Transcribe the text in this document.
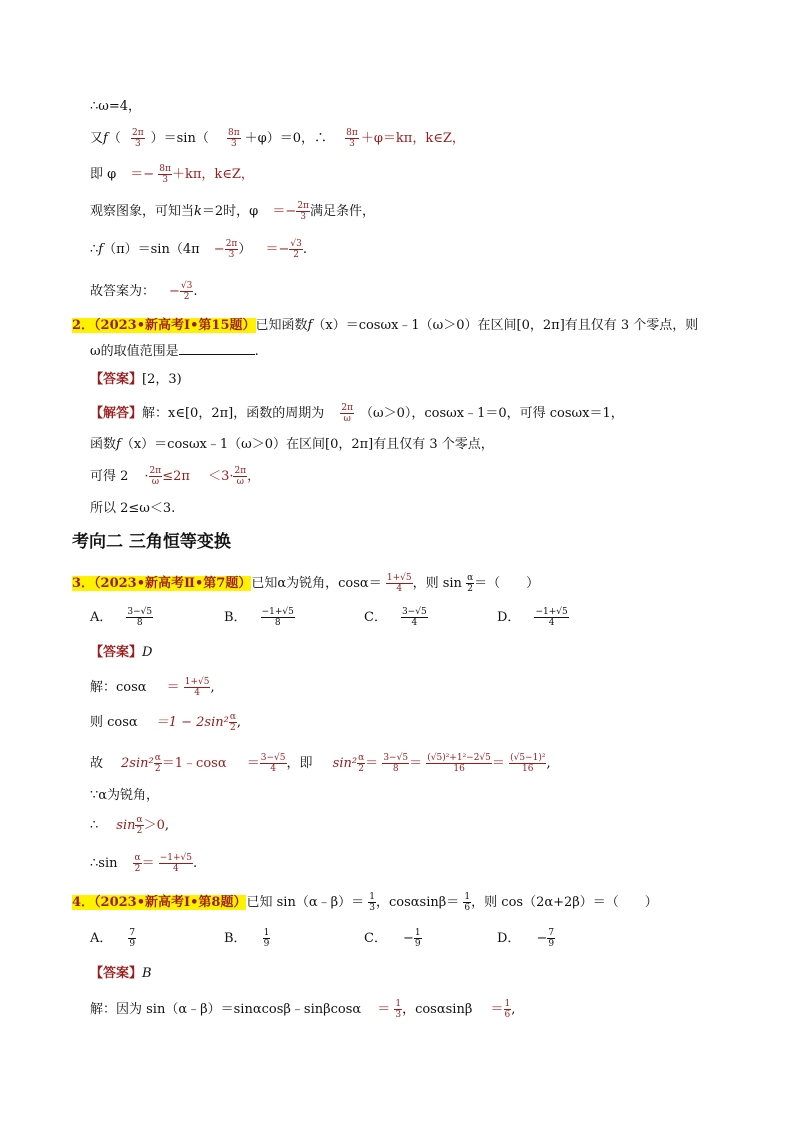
∴ω=4，
又$f( \frac{2\pi}{3} )=\sin( \frac{8\pi}{3} +\varphi)=0$，∴ $\frac{8\pi}{3} +\varphi=k\pi$，k∈Z，
即 $\varphi =- \frac{8\pi}{3} +k\pi$，k∈Z，
观察图象，可知当k＝2时，$\varphi =- \frac{2\pi}{3}$ 满足条件，
∴f（π）＝sin（4π − $\frac{2\pi}{3}$ ） ＝− $\frac{√3}{2}$ .
故答案为： − $\frac{√3}{2}$ .
2．（2023•新高考Ⅰ•第15题）已知函数f（x）＝cosωx﹣1（ω＞0）在区间[0，2π]有且仅有 3 个零点，则
ω的取值范围是	.
【答案】[2，3)
【解答】解：x∈[0，2π]，函数的周期为 $\frac{2\pi}{\omega} (\omega>0)$，cosωx﹣1＝0，可得 cosωx＝1，
函数f（x）＝cosωx﹣1（ω＞0）在区间[0，2π]有且仅有 3 个零点，
可得 $2 \cdot \frac{2\pi}{\omega} \le 2\pi <3\cdot \frac{2\pi}{\omega}$ ，
所以 2≤ω＜3.
考向二 三角恒等变换
3．（2023•新高考Ⅱ•第7题）已知α为锐角，$\cos\alpha= \frac{1+√5}{4}$ ，则 $\sin \frac{\alpha}{2}$ ＝（　　）
A． $\frac{3-√5}{8}$	B． $\frac{-1+√5}{8}$	C． $\frac{3-√5}{4}$	D． $\frac{-1+√5}{4}$
【答案】D
解：$\cos\alpha = \frac{1+√5}{4}$ ,
则 $\cos\alpha =1 - 2\sin^2 \frac{\alpha}{2}$ ,
故 $2\sin^2 \frac{\alpha}{2}$ ＝1﹣cosα ＝ $\frac{3-√5}{4}$ ，即 $\sin^2 \frac{\alpha}{2} = \frac{3-√5}{8} = \frac{\text{(√5)²+1²−2√5}}{16} = \frac{\text{(√5−1)²}}{16}$ ,
∵α为锐角，
∴ $\sin \frac{\alpha}{2} >0$,
∴sin $\frac{\alpha}{2} = \frac{-1+√5}{4}$ .
4．（2023•新高考Ⅰ•第8题）已知 sin（α﹣β）＝ $\frac{1}{3}$ ，$\cos\alpha\sin\beta= \frac{1}{6}$ ，则 cos（2α+2β）＝（　　）
A． $\frac{7}{9}$	B． $\frac{1}{9}$	C． − $\frac{1}{9}$	D． − $\frac{7}{9}$
【答案】B
解：因为 sin（α﹣β）＝sinαcosβ﹣sinβcosα ＝ $\frac{1}{3}$ ，$\cos\alpha\sin\beta = \frac{1}{6}$ ,
